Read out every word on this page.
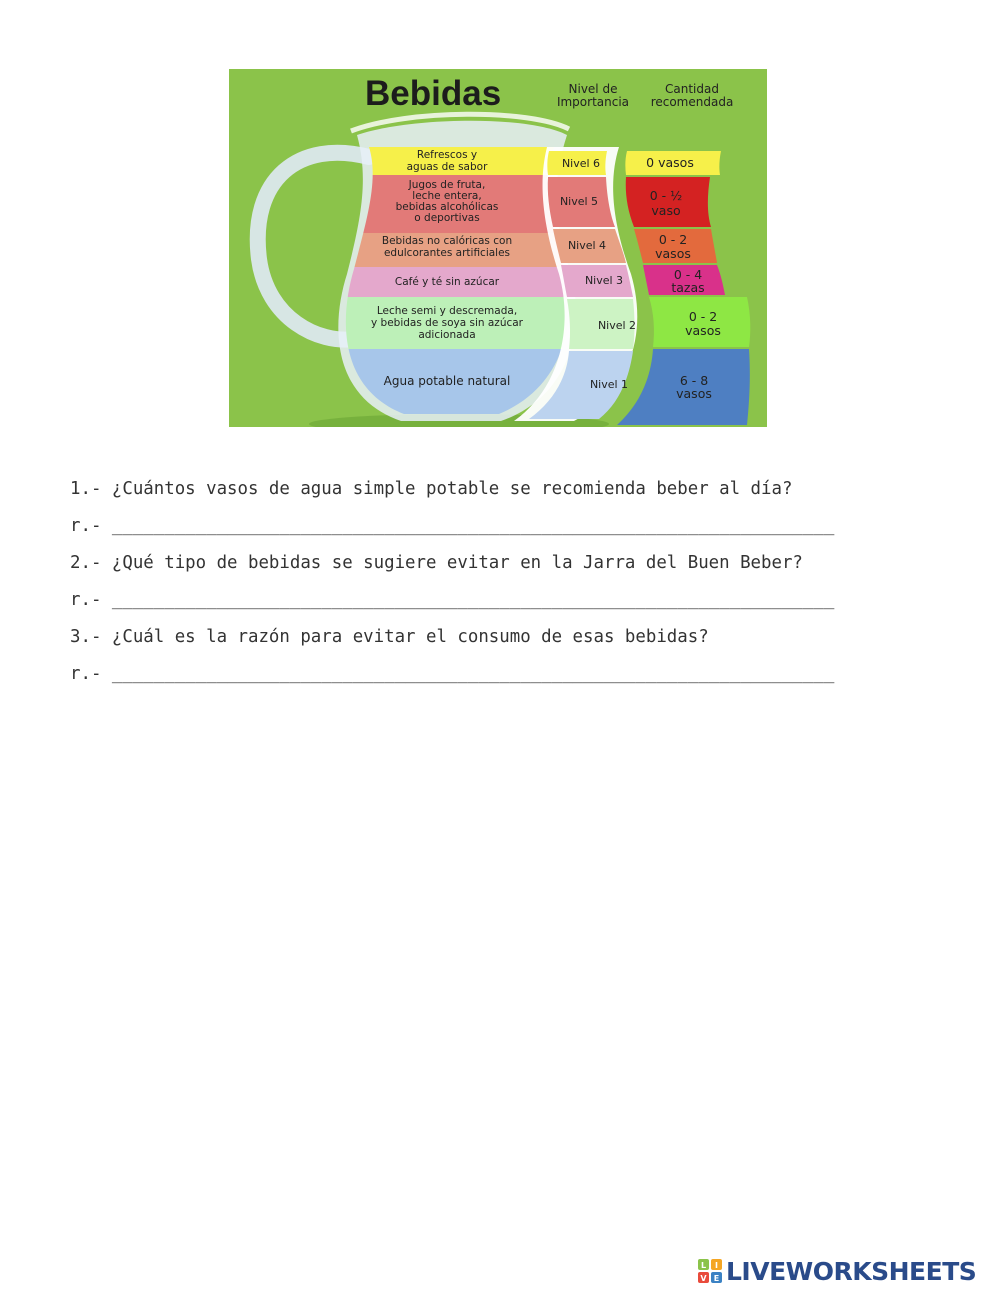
Bebidas	Nivel de
Importancia
Cantidad
recomendada
Refrescos y
aguas de sabor
Jugos de fruta,
leche entera,
bebidas alcohólicas
o deportivas
Bebidas no calóricas con
edulcorantes artificiales
Café y té sin azúcar
Leche semi y descremada,
y bebidas de soya sin azúcar
adicionada
Agua potable natural
Nivel 6
Nivel 5
Nivel 4
Nivel 3
Nivel 2
Nivel 1
0 vasos
0 - ½
vaso
0 - 2
vasos
0 - 4
tazas
0 - 2
vasos
6 - 8
vasos
1.- ¿Cuántos vasos de agua simple potable se recomienda beber al día?
r.- _____________________________________________________________________
2.- ¿Qué tipo de bebidas se sugiere evitar en la Jarra del Buen Beber?
r.- _____________________________________________________________________
3.- ¿Cuál es la razón para evitar el consumo de esas bebidas?
r.- _____________________________________________________________________
L I
V E LIVEWORKSHEETS
